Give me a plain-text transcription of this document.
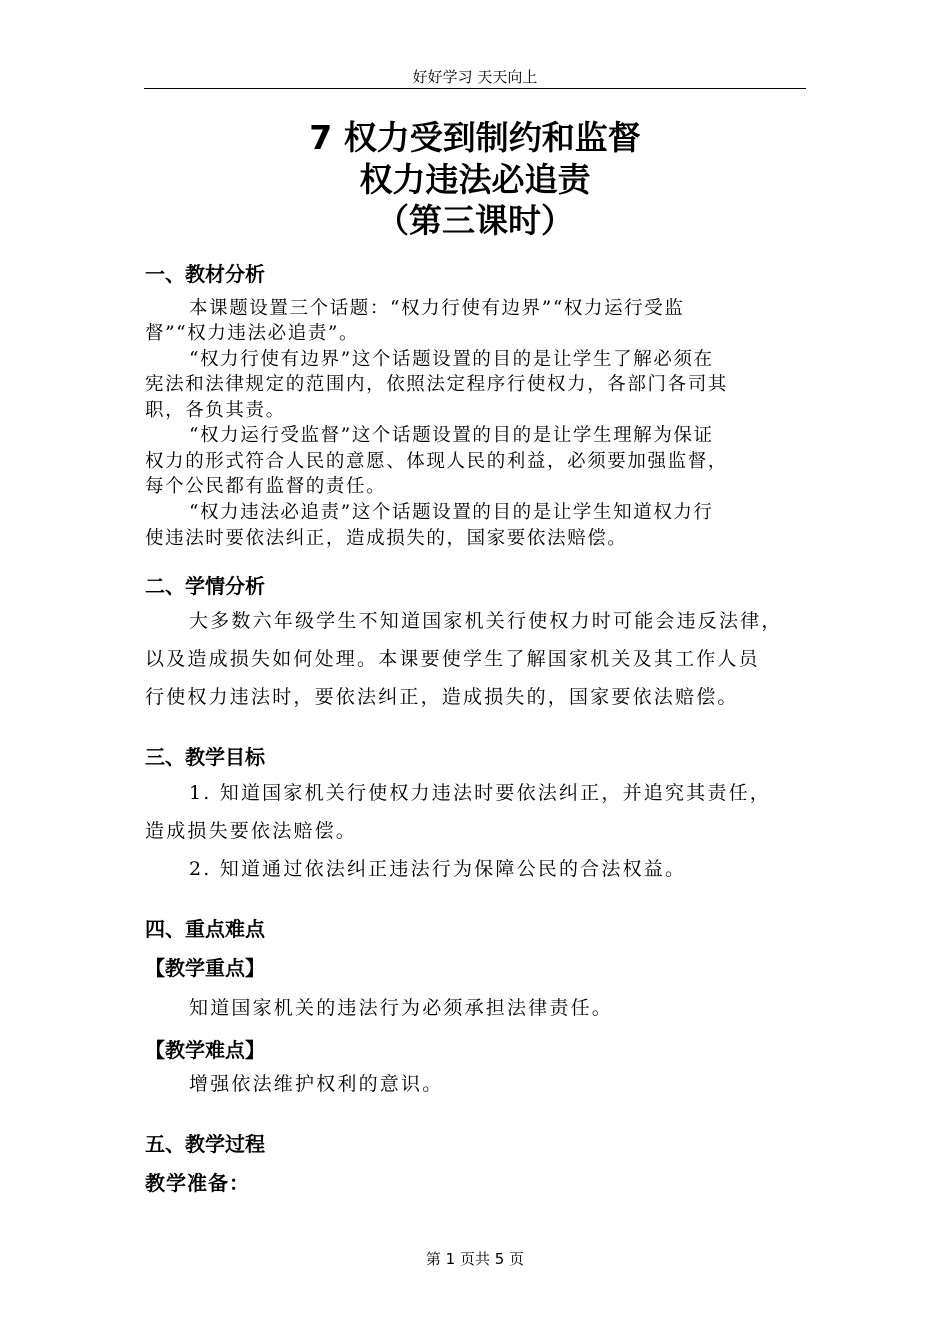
好好学习 天天向上
7 权力受到制约和监督
权力违法必追责
（第三课时）
一、教材分析
本课题设置三个话题：“权力行使有边界”“权力运行受监
督”“权力违法必追责”。
“权力行使有边界”这个话题设置的目的是让学生了解必须在
宪法和法律规定的范围内，依照法定程序行使权力，各部门各司其
职，各负其责。
“权力运行受监督”这个话题设置的目的是让学生理解为保证
权力的形式符合人民的意愿、体现人民的利益，必须要加强监督，
每个公民都有监督的责任。
“权力违法必追责”这个话题设置的目的是让学生知道权力行
使违法时要依法纠正，造成损失的，国家要依法赔偿。
二、学情分析
大多数六年级学生不知道国家机关行使权力时可能会违反法律，
以及造成损失如何处理。本课要使学生了解国家机关及其工作人员
行使权力违法时，要依法纠正，造成损失的，国家要依法赔偿。
三、教学目标
1. 知道国家机关行使权力违法时要依法纠正，并追究其责任，
造成损失要依法赔偿。
2. 知道通过依法纠正违法行为保障公民的合法权益。
四、重点难点
【教学重点】
知道国家机关的违法行为必须承担法律责任。
【教学难点】
增强依法维护权利的意识。
五、教学过程
教学准备：
第 1 页共 5 页
